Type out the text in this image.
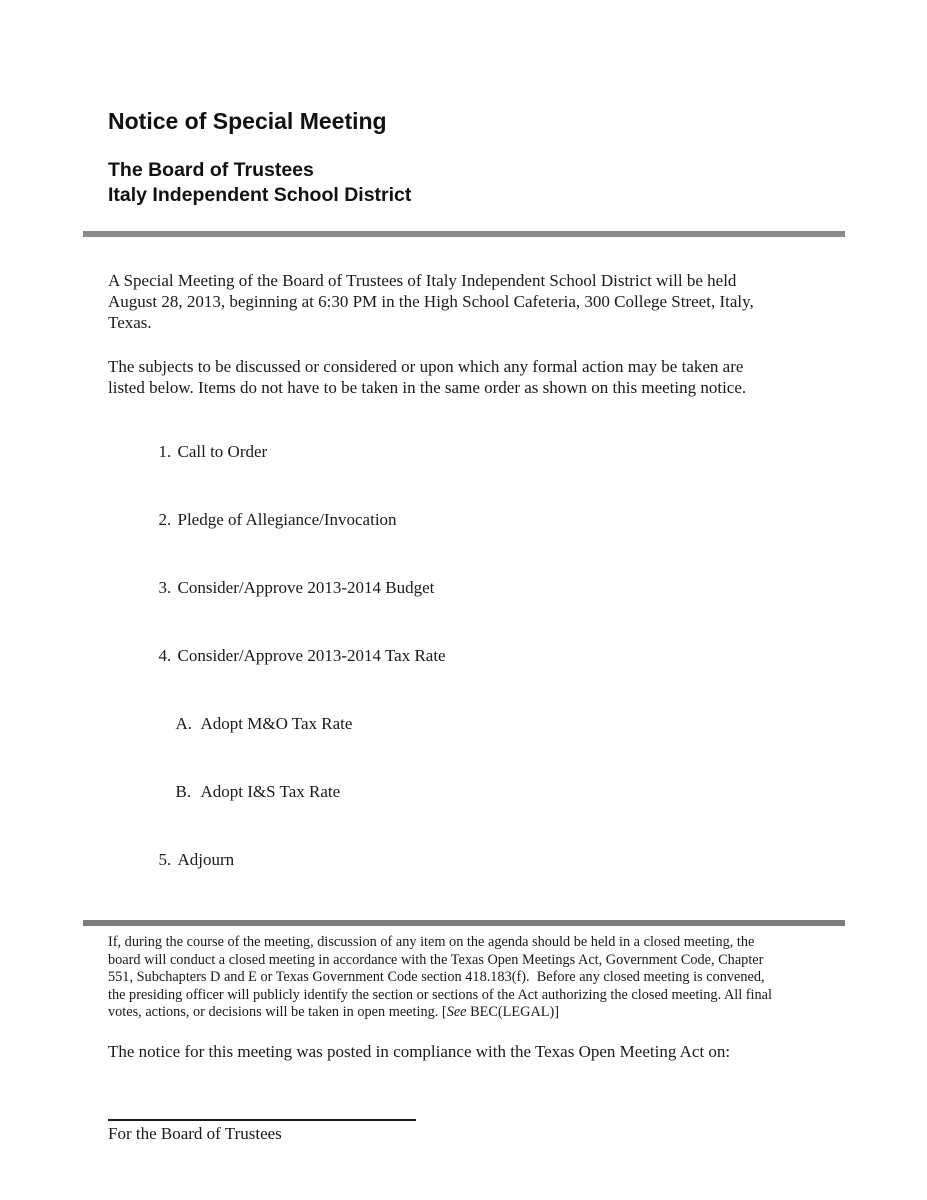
Notice of Special Meeting
The Board of Trustees
Italy Independent School District
A Special Meeting of the Board of Trustees of Italy Independent School District will be held
August 28, 2013, beginning at 6:30 PM in the High School Cafeteria, 300 College Street, Italy,
Texas.
The subjects to be discussed or considered or upon which any formal action may be taken are
listed below. Items do not have to be taken in the same order as shown on this meeting notice.

1. Call to Order

2. Pledge of Allegiance/Invocation

3. Consider/Approve 2013-2014 Budget

4. Consider/Approve 2013-2014 Tax Rate

A. Adopt M&O Tax Rate

B. Adopt I&S Tax Rate

5. Adjourn

If, during the course of the meeting, discussion of any item on the agenda should be held in a closed meeting, the
board will conduct a closed meeting in accordance with the Texas Open Meetings Act, Government Code, Chapter
551, Subchapters D and E or Texas Government Code section 418.183(f).  Before any closed meeting is convened,
the presiding officer will publicly identify the section or sections of the Act authorizing the closed meeting. All final
votes, actions, or decisions will be taken in open meeting. [See BEC(LEGAL)]
The notice for this meeting was posted in compliance with the Texas Open Meeting Act on:
For the Board of Trustees
